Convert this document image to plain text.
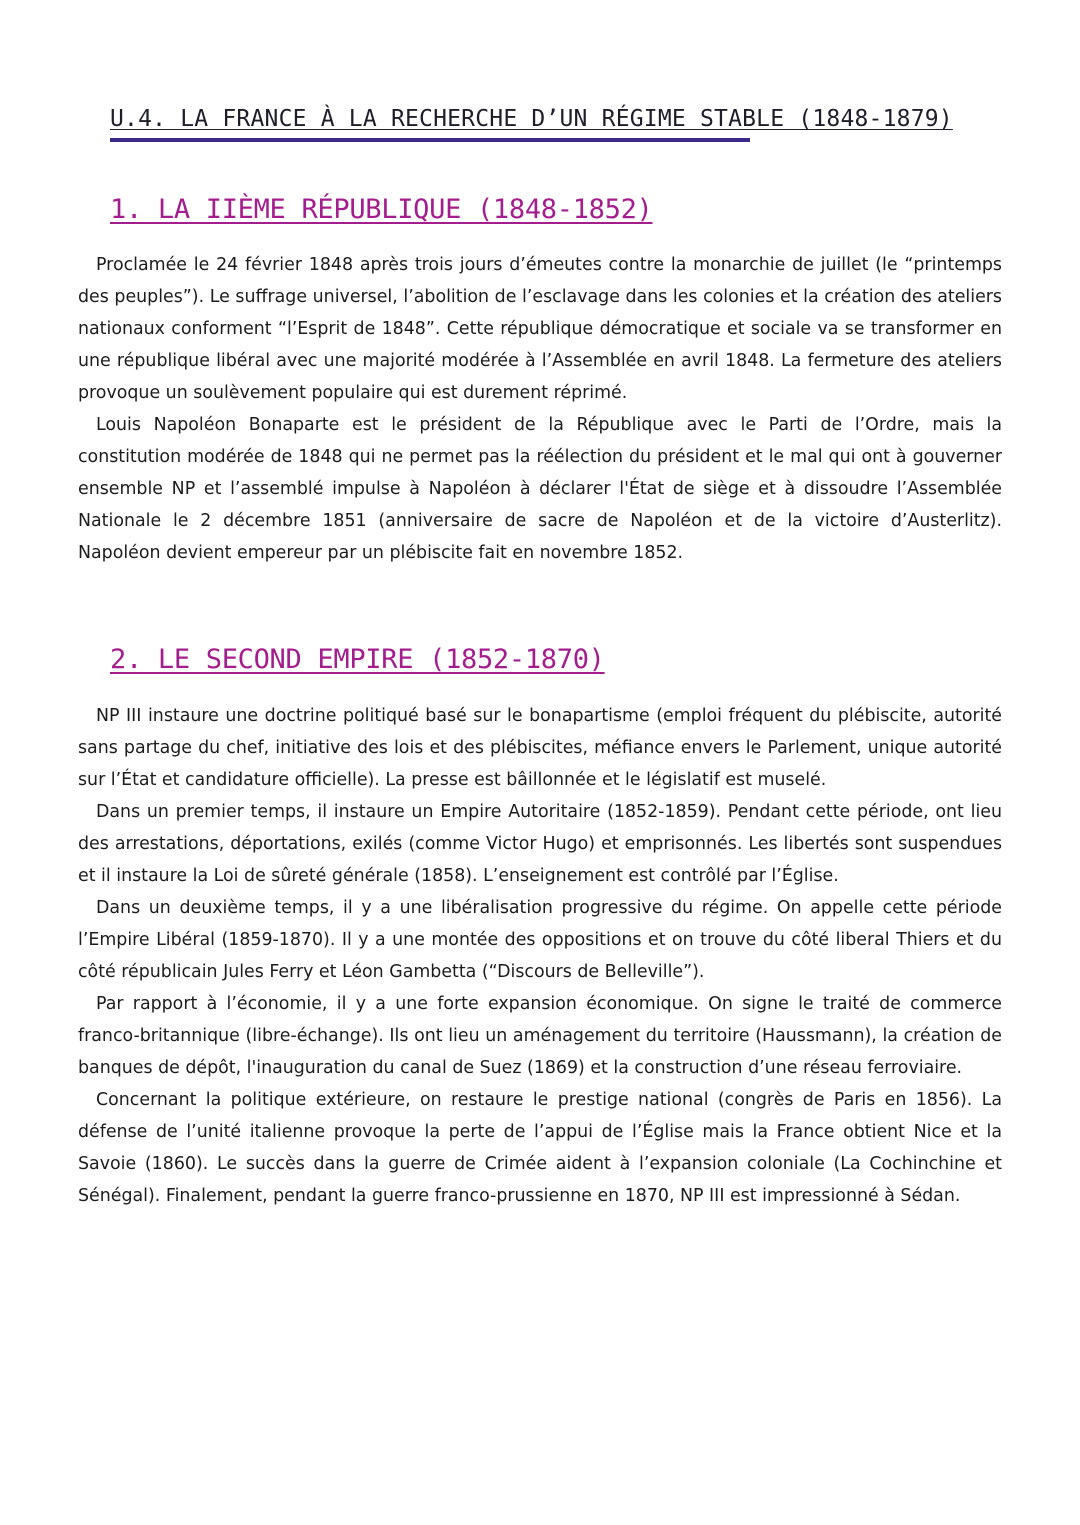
U.4. LA FRANCE À LA RECHERCHE D’UN RÉGIME STABLE (1848-1879)
1. LA IIÈME RÉPUBLIQUE (1848-1852)

Proclamée le 24 février 1848 après trois jours d’émeutes contre la monarchie de juillet (le “printemps des peuples”). Le suffrage universel, l’abolition de l’esclavage dans les colonies et la création des ateliers nationaux conforment “l’Esprit de 1848”. Cette république démocratique et sociale va se transformer en une république libéral avec une majorité modérée à l’Assemblée en avril 1848. La fermeture des ateliers provoque un soulèvement populaire qui est durement réprimé.

Louis Napoléon Bonaparte est le président de la République avec le Parti de l’Ordre, mais la constitution modérée de 1848 qui ne permet pas la réélection du président et le mal qui ont à gouverner ensemble NP et l’assemblé impulse à Napoléon à déclarer l'État de siège et à dissoudre l’Assemblée Nationale le 2 décembre 1851 (anniversaire de sacre de Napoléon et de la victoire d’Austerlitz). Napoléon devient empereur par un plébiscite fait en novembre 1852.

2. LE SECOND EMPIRE (1852-1870)

NP III instaure une doctrine politiqué basé sur le bonapartisme (emploi fréquent du plébiscite, autorité sans partage du chef, initiative des lois et des plébiscites, méfiance envers le Parlement, unique autorité sur l’État et candidature officielle). La presse est bâillonnée et le législatif est muselé.

Dans un premier temps, il instaure un Empire Autoritaire (1852-1859). Pendant cette période, ont lieu des arrestations, déportations, exilés (comme Victor Hugo) et emprisonnés. Les libertés sont suspendues et il instaure la Loi de sûreté générale (1858). L’enseignement est contrôlé par l’Église.

Dans un deuxième temps, il y a une libéralisation progressive du régime. On appelle cette période l’Empire Libéral (1859-1870). Il y a une montée des oppositions et on trouve du côté liberal Thiers et du côté républicain Jules Ferry et Léon Gambetta (“Discours de Belleville”).

Par rapport à l’économie, il y a une forte expansion économique. On signe le traité de commerce franco-britannique (libre-échange). Ils ont lieu un aménagement du territoire (Haussmann), la création de banques de dépôt, l'inauguration du canal de Suez (1869) et la construction d’une réseau ferroviaire.

Concernant la politique extérieure, on restaure le prestige national (congrès de Paris en 1856). La défense de l’unité italienne provoque la perte de l’appui de l’Église mais la France obtient Nice et la Savoie (1860). Le succès dans la guerre de Crimée aident à l’expansion coloniale (La Cochinchine et Sénégal). Finalement, pendant la guerre franco-prussienne en 1870, NP III est impressionné à Sédan.
